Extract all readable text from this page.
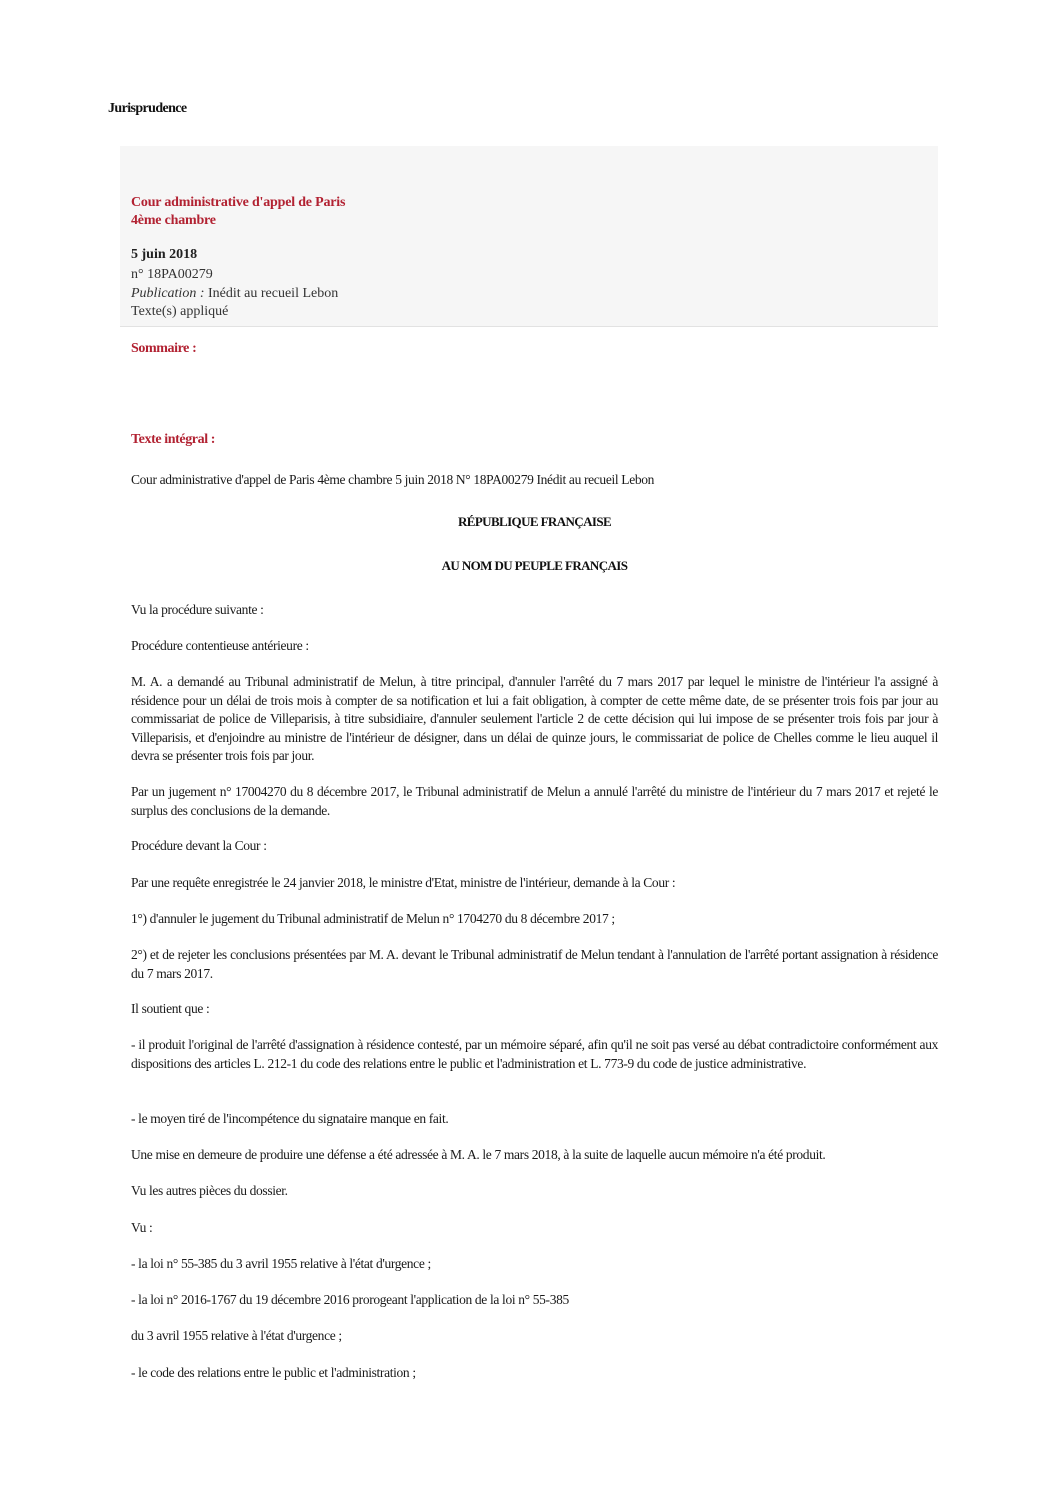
Jurisprudence
Cour administrative d'appel de Paris
4ème chambre
5 juin 2018
n° 18PA00279
Publication : Inédit au recueil Lebon
Texte(s) appliqué
Sommaire :
Texte intégral :
Cour administrative d'appel de Paris 4ème chambre 5 juin 2018 N° 18PA00279 Inédit au recueil Lebon
RÉPUBLIQUE FRANÇAISE
AU NOM DU PEUPLE FRANÇAIS
Vu la procédure suivante :
Procédure contentieuse antérieure :
M. A. a demandé au Tribunal administratif de Melun, à titre principal, d'annuler l'arrêté du 7 mars 2017 par lequel le ministre de l'intérieur l'a assigné à résidence pour un délai de trois mois à compter de sa notification et lui a fait obligation, à compter de cette même date, de se présenter trois fois par jour au commissariat de police de Villeparisis, à titre subsidiaire, d'annuler seulement l'article 2 de cette décision qui lui impose de se présenter trois fois par jour à Villeparisis, et d'enjoindre au ministre de l'intérieur de désigner, dans un délai de quinze jours, le commissariat de police de Chelles comme le lieu auquel il devra se présenter trois fois par jour.
Par un jugement n° 17004270 du 8 décembre 2017, le Tribunal administratif de Melun a annulé l'arrêté du ministre de l'intérieur du 7 mars 2017 et rejeté le surplus des conclusions de la demande.
Procédure devant la Cour :
Par une requête enregistrée le 24 janvier 2018, le ministre d'Etat, ministre de l'intérieur, demande à la Cour :
1°) d'annuler le jugement du Tribunal administratif de Melun n° 1704270 du 8 décembre 2017 ;
2°) et de rejeter les conclusions présentées par M. A. devant le Tribunal administratif de Melun tendant à l'annulation de l'arrêté portant assignation à résidence du 7 mars 2017.
Il soutient que :
- il produit l'original de l'arrêté d'assignation à résidence contesté, par un mémoire séparé, afin qu'il ne soit pas versé au débat contradictoire conformément aux dispositions des articles L. 212-1 du code des relations entre le public et l'administration et L. 773-9 du code de justice administrative.
- le moyen tiré de l'incompétence du signataire manque en fait.
Une mise en demeure de produire une défense a été adressée à M. A. le 7 mars 2018, à la suite de laquelle aucun mémoire n'a été produit.
Vu les autres pièces du dossier.
Vu :
- la loi n° 55-385 du 3 avril 1955 relative à l'état d'urgence ;
- la loi n° 2016-1767 du 19 décembre 2016 prorogeant l'application de la loi n° 55-385
du 3 avril 1955 relative à l'état d'urgence ;
- le code des relations entre le public et l'administration ;
